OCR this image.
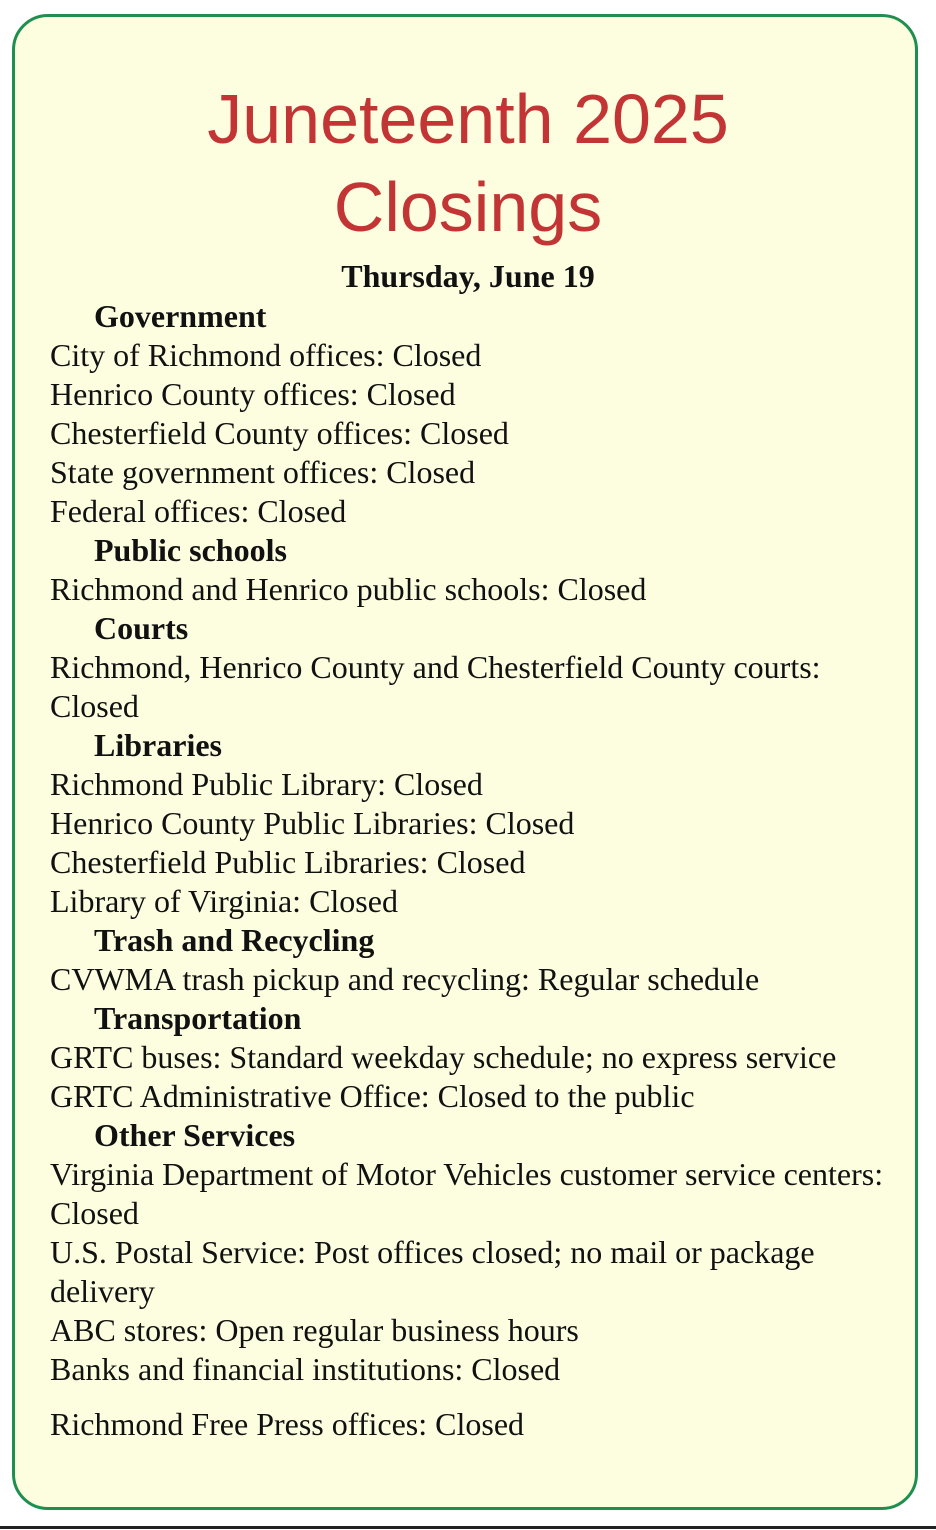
Juneteenth 2025
Closings
Thursday, June 19
Government
City of Richmond offices: Closed
Henrico County offices: Closed
Chesterfield County offices: Closed
State government offices: Closed
Federal offices: Closed
Public schools
Richmond and Henrico public schools: Closed
Courts
Richmond, Henrico County and Chesterfield County courts: Closed
Libraries
Richmond Public Library: Closed
Henrico County Public Libraries: Closed
Chesterfield Public Libraries: Closed
Library of Virginia: Closed
Trash and Recycling
CVWMA trash pickup and recycling: Regular schedule
Transportation
GRTC buses: Standard weekday schedule; no express service
GRTC Administrative Office: Closed to the public
Other Services
Virginia Department of Motor Vehicles customer service centers: Closed
U.S. Postal Service: Post offices closed; no mail or package delivery
ABC stores: Open regular business hours
Banks and financial institutions: Closed
Richmond Free Press offices: Closed
